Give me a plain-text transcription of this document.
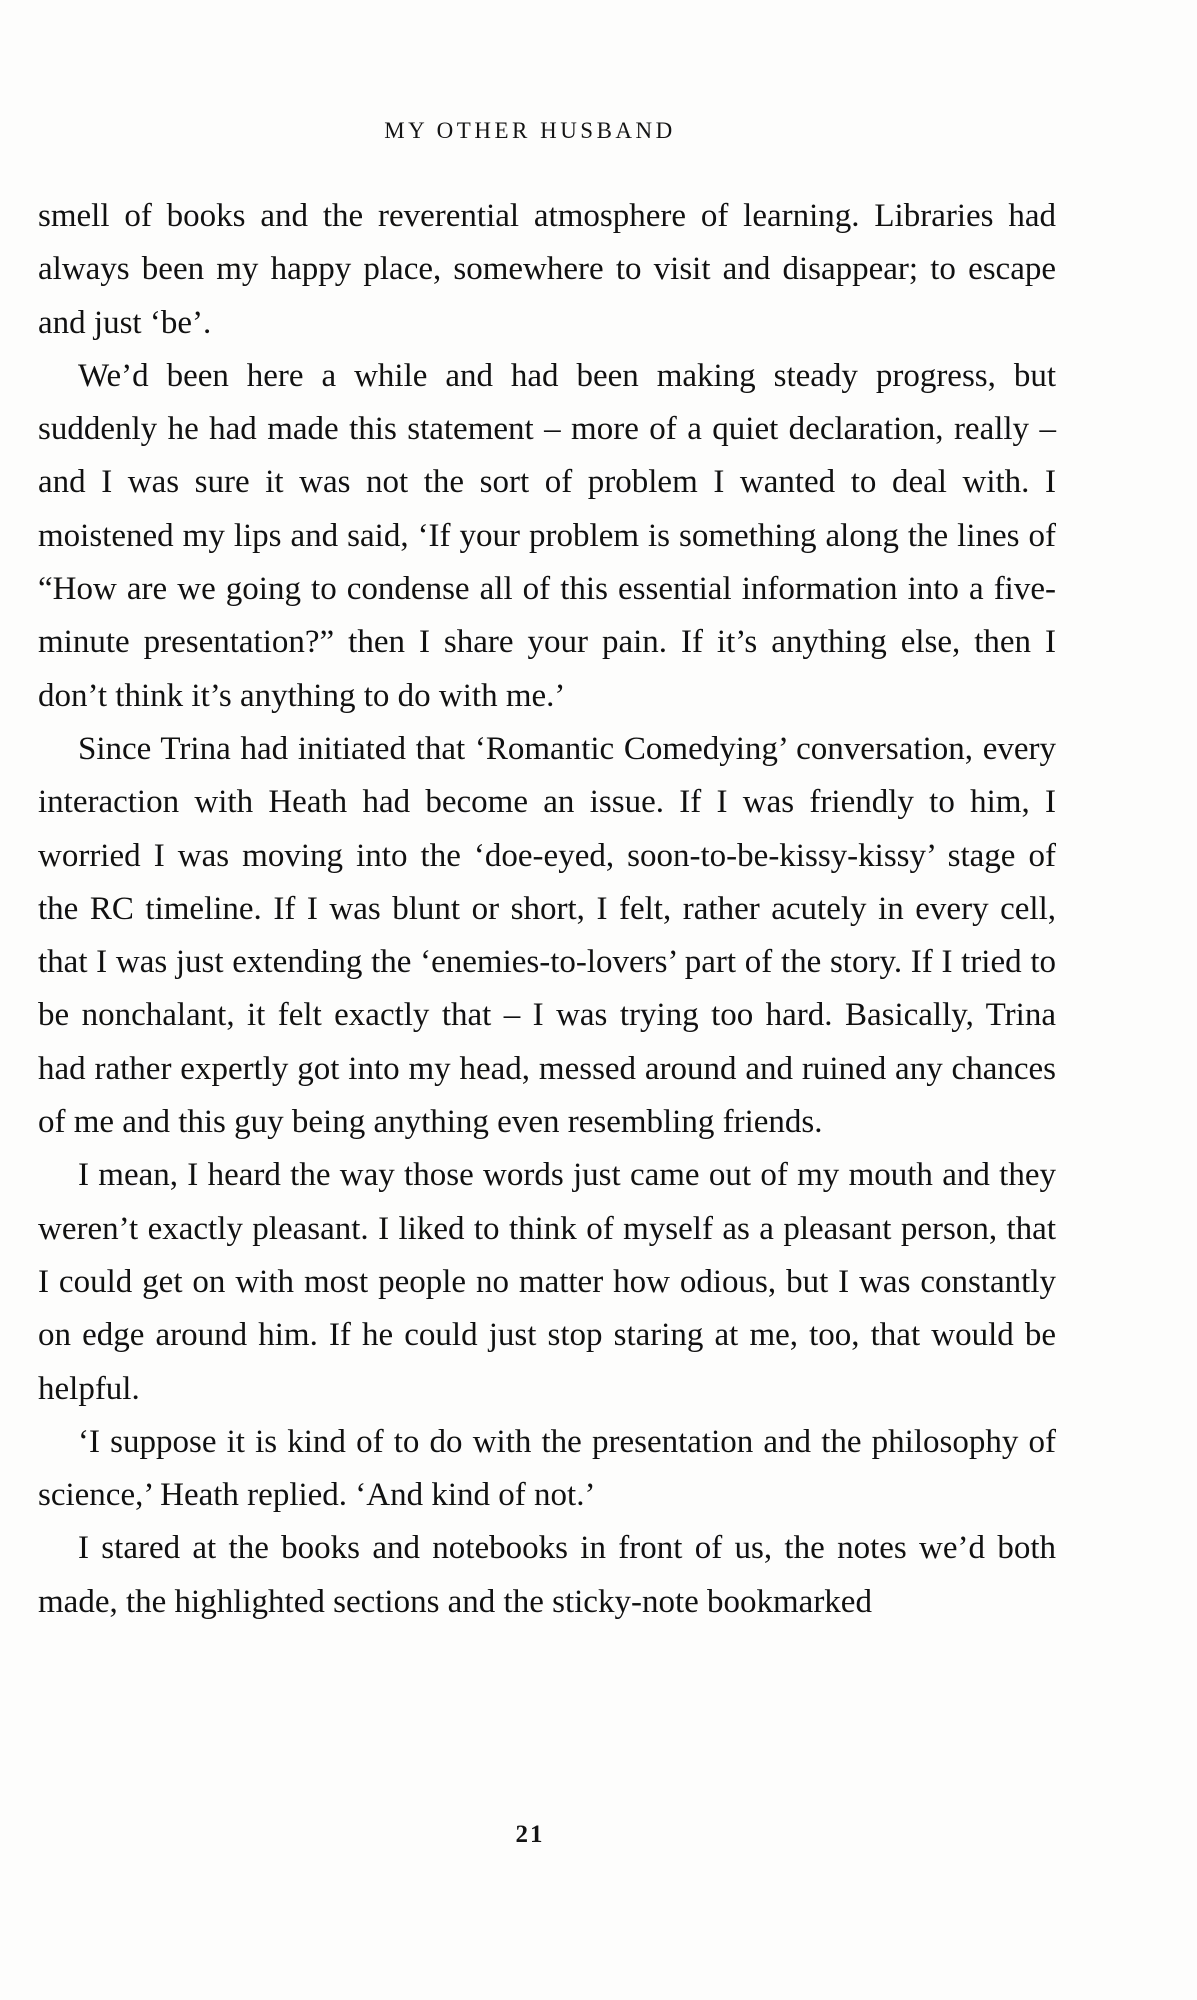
MY OTHER HUSBAND

smell of books and the reverential atmosphere of learning. Libraries had always been my happy place, somewhere to visit and disappear; to escape and just ‘be’.

We’d been here a while and had been making steady progress, but suddenly he had made this statement – more of a quiet declaration, really – and I was sure it was not the sort of problem I wanted to deal with. I moistened my lips and said, ‘If your problem is something along the lines of “How are we going to condense all of this essential information into a five-minute presentation?” then I share your pain. If it’s anything else, then I don’t think it’s anything to do with me.’

Since Trina had initiated that ‘Romantic Comedying’ conversation, every interaction with Heath had become an issue. If I was friendly to him, I worried I was moving into the ‘doe-eyed, soon-to-be-kissy-kissy’ stage of the RC timeline. If I was blunt or short, I felt, rather acutely in every cell, that I was just extending the ‘enemies-to-lovers’ part of the story. If I tried to be nonchalant, it felt exactly that – I was trying too hard. Basically, Trina had rather expertly got into my head, messed around and ruined any chances of me and this guy being anything even resembling friends.

I mean, I heard the way those words just came out of my mouth and they weren’t exactly pleasant. I liked to think of myself as a pleasant person, that I could get on with most people no matter how odious, but I was constantly on edge around him. If he could just stop staring at me, too, that would be helpful.

‘I suppose it is kind of to do with the presentation and the philosophy of science,’ Heath replied. ‘And kind of not.’

I stared at the books and notebooks in front of us, the notes we’d both made, the highlighted sections and the sticky-note bookmarked

21
